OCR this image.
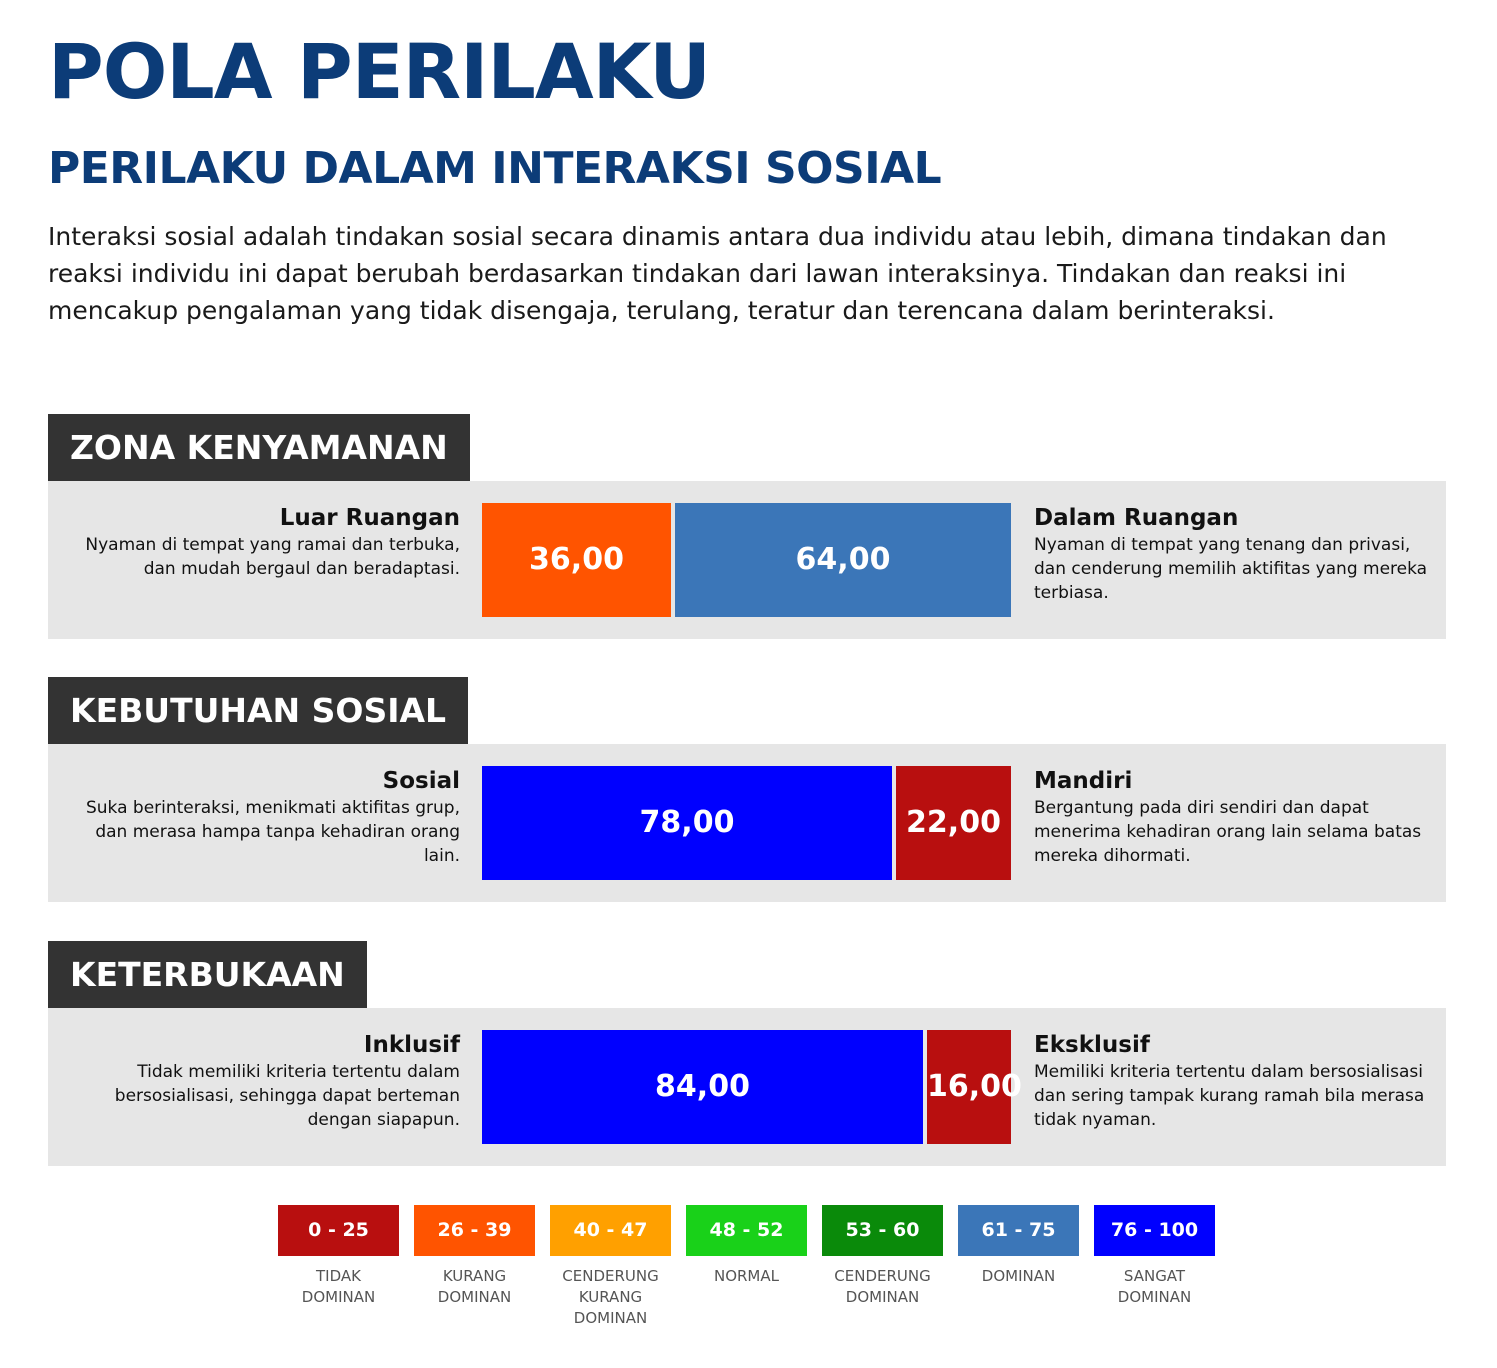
POLA PERILAKU
PERILAKU DALAM INTERAKSI SOSIAL

Interaksi sosial adalah tindakan sosial secara dinamis antara dua individu atau lebih, dimana tindakan dan reaksi individu ini dapat berubah berdasarkan tindakan dari lawan interaksinya. Tindakan dan reaksi ini mencakup pengalaman yang tidak disengaja, terulang, teratur dan terencana dalam berinteraksi.

ZONA KENYAMANAN
Luar Ruangan
Nyaman di tempat yang ramai dan terbuka, dan mudah bergaul dan beradaptasi.	36,00	64,00
Dalam Ruangan
Nyaman di tempat yang tenang dan privasi, dan cenderung memilih aktifitas yang mereka terbiasa.
KEBUTUHAN SOSIAL
Sosial
Suka berinteraksi, menikmati aktifitas grup, dan merasa hampa tanpa kehadiran orang lain.
78,00	22,00
Mandiri
Bergantung pada diri sendiri dan dapat menerima kehadiran orang lain selama batas mereka dihormati.
KETERBUKAAN
Inklusif
Tidak memiliki kriteria tertentu dalam bersosialisasi, sehingga dapat berteman dengan siapapun.
84,00	16,00
Eksklusif
Memiliki kriteria tertentu dalam bersosialisasi dan sering tampak kurang ramah bila merasa tidak nyaman.
0 - 25
TIDAK DOMINAN
26 - 39
KURANG DOMINAN
40 - 47
CENDERUNG KURANG DOMINAN
48 - 52
NORMAL
53 - 60
CENDERUNG DOMINAN
61 - 75
DOMINAN
76 - 100
SANGAT DOMINAN
